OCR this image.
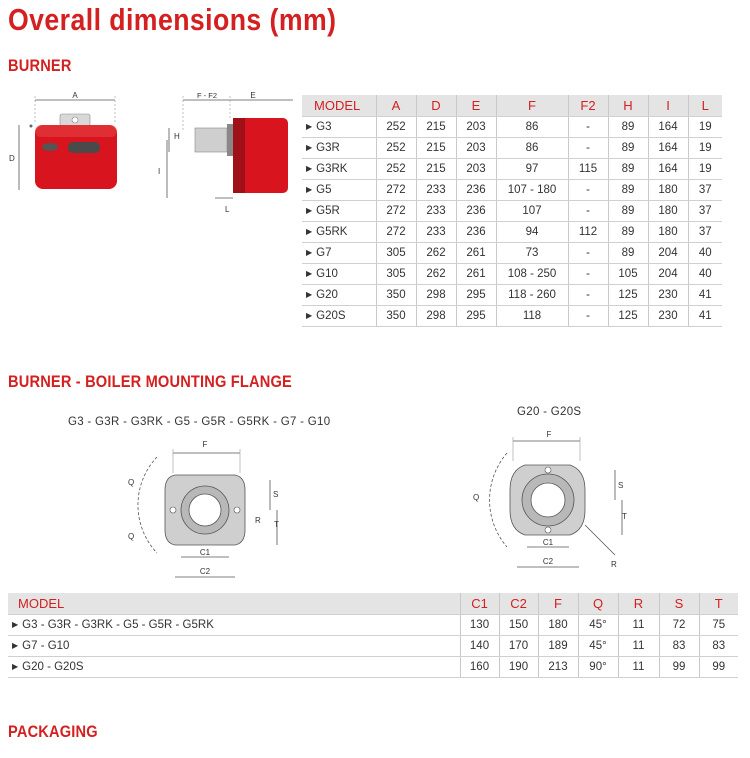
Overall dimensions (mm)
BURNER
A
D
F - F2	E
H
I
L
MODEL	A	D	E	F	F2	H	I	L
▶ G3	252	215	203	86	-	89	164	19
▶ G3R	252	215	203	86	-	89	164	19
▶ G3RK	252	215	203	97	115	89	164	19
▶ G5	272	233	236	107 - 180	-	89	180	37
▶ G5R	272	233	236	107	-	89	180	37
▶ G5RK	272	233	236	94	112	89	180	37
▶ G7	305	262	261	73	-	89	204	40
▶ G10	305	262	261	108 - 250	-	105	204	40
▶ G20	350	298	295	118 - 260	-	125	230	41
▶ G20S	350	298	295	118	-	125	230	41
BURNER - BOILER MOUNTING FLANGE

G3 - G3R - G3RK - G5 - G5R - G5RK - G7 - G10

G20 - G20S

F
Q
Q
S
R T
C1
C2
F
Q
S
T
R
C1
C2
MODEL	C1	C2	F	Q	R	S	T
▶ G3 - G3R - G3RK - G5 - G5R - G5RK	130	150	180	45°	11	72	75
▶ G7 - G10	140	170	189	45°	11	83	83
▶ G20 - G20S	160	190	213	90°	11	99	99
PACKAGING
